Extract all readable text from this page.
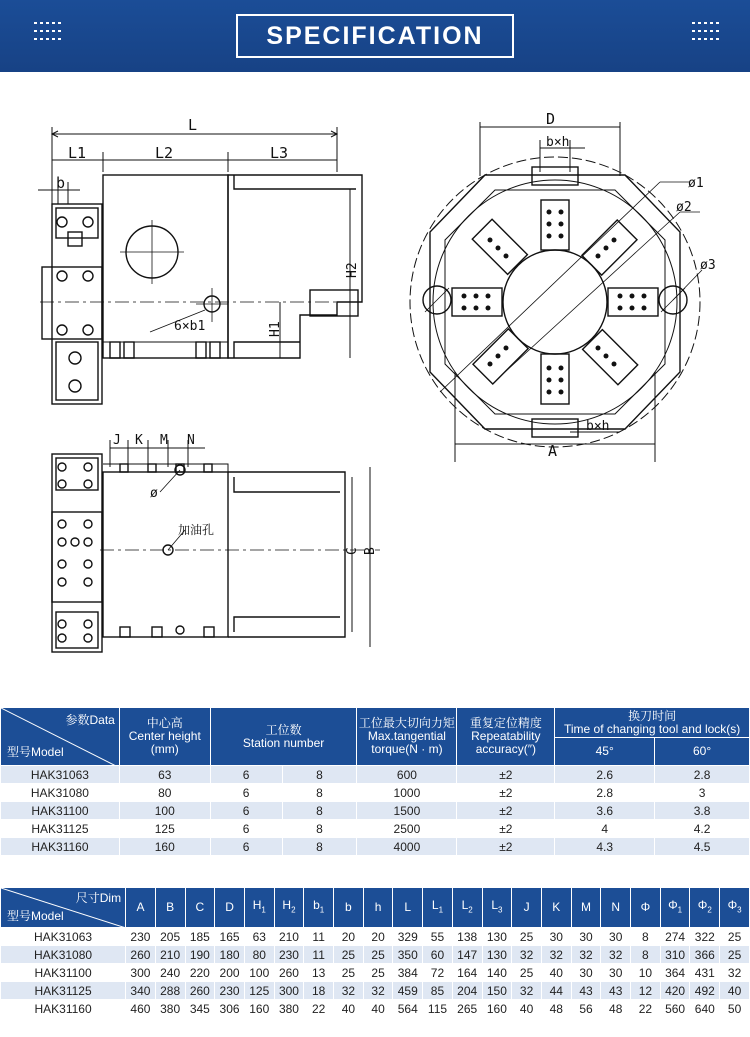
SPECIFICATION
L
L1	L2	L3
b
6×b1	H1
H2
D
b×h
ø1
ø2
ø3
b×h
A
J K M N
ø
加油孔
C B
参数Data
型号Model	中心高
Center height
(mm)	工位数
Station number		工位最大切向力矩
Max.tangential
torque(N · m)	重复定位精度
Repeatability
accuracy(″)	换刀时间
Time of changing tool and lock(s)	
						45°	60°
HAK31063	63	6	8	600	±2	2.6	2.8
HAK31080	80	6	8	1000	±2	2.8	3
HAK31100	100	6	8	1500	±2	3.6	3.8
HAK31125	125	6	8	2500	±2	4	4.2
HAK31160	160	6	8	4000	±2	4.3	4.5
尺寸Dim
型号Model	A	B	C	D	$H_1$	$H_2$	$b_1$	b	h	L	$L_1$	$L_2$	$L_3$	J	K	M	N	Φ	$\Phi_1$	$\Phi_2$	$\Phi_3$
HAK31063	230	205	185	165	63	210	11	20	20	329	55	138	130	25	30	30	30	8	274	322	25
HAK31080	260	210	190	180	80	230	11	25	25	350	60	147	130	32	32	32	32	8	310	366	25
HAK31100	300	240	220	200	100	260	13	25	25	384	72	164	140	25	40	30	30	10	364	431	32
HAK31125	340	288	260	230	125	300	18	32	32	459	85	204	150	32	44	43	43	12	420	492	40
HAK31160	460	380	345	306	160	380	22	40	40	564	115	265	160	40	48	56	48	22	560	640	50
